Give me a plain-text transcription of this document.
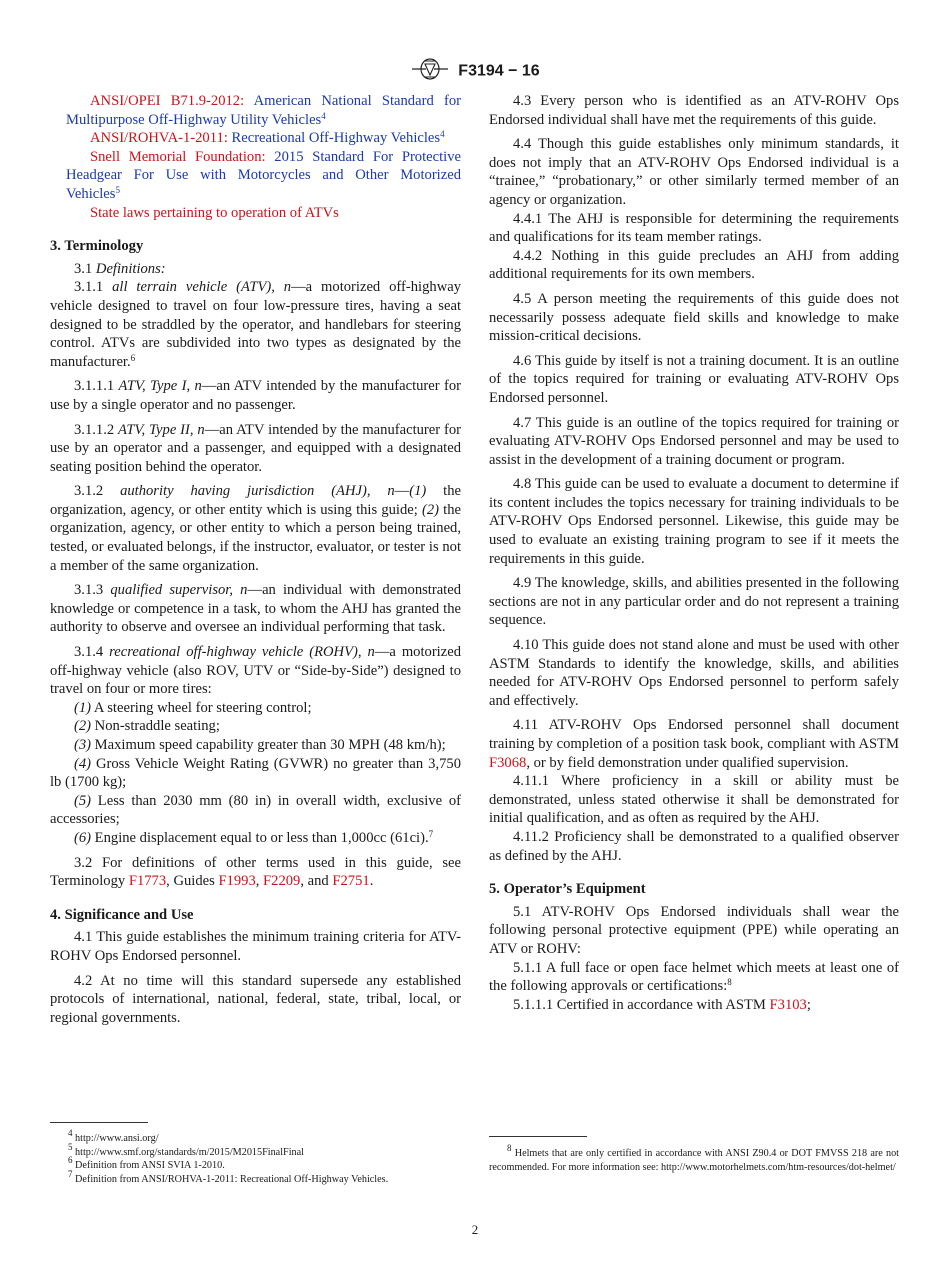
F3194 − 16

ANSI/OPEI B71.9-2012: American National Standard for Multipurpose Off-Highway Utility Vehicles$^4$

ANSI/ROHVA-1-2011: Recreational Off-Highway Vehicles$^4$

Snell Memorial Foundation: 2015 Standard For Protective Headgear For Use with Motorcycles and Other Motorized Vehicles$^5$

State laws pertaining to operation of ATVs

3. Terminology

3.1 Definitions:

3.1.1 all terrain vehicle (ATV), n—a motorized off-highway vehicle designed to travel on four low-pressure tires, having a seat designed to be straddled by the operator, and handlebars for steering control. ATVs are subdivided into two types as designated by the manufacturer.$^6$

3.1.1.1 ATV, Type I, n—an ATV intended by the manufacturer for use by a single operator and no passenger.

3.1.1.2 ATV, Type II, n—an ATV intended by the manufacturer for use by an operator and a passenger, and equipped with a designated seating position behind the operator.

3.1.2 authority having jurisdiction (AHJ), n—(1) the organization, agency, or other entity which is using this guide; (2) the organization, agency, or other entity to which a person being trained, tested, or evaluated belongs, if the instructor, evaluator, or tester is not a member of the same organization.

3.1.3 qualified supervisor, n—an individual with demonstrated knowledge or competence in a task, to whom the AHJ has granted the authority to observe and oversee an individual performing that task.

3.1.4 recreational off-highway vehicle (ROHV), n—a motorized off-highway vehicle (also ROV, UTV or “Side-by-Side”) designed to travel on four or more tires:

(1) A steering wheel for steering control;

(2) Non-straddle seating;

(3) Maximum speed capability greater than 30 MPH (48 km/h);

(4) Gross Vehicle Weight Rating (GVWR) no greater than 3,750 lb (1700 kg);

(5) Less than 2030 mm (80 in) in overall width, exclusive of accessories;

(6) Engine displacement equal to or less than 1,000cc (61ci).$^7$

3.2 For definitions of other terms used in this guide, see Terminology F1773, Guides F1993, F2209, and F2751.

4. Significance and Use

4.1 This guide establishes the minimum training criteria for ATV-ROHV Ops Endorsed personnel.

4.2 At no time will this standard supersede any established protocols of international, national, federal, state, tribal, local, or regional governments.

4.3 Every person who is identified as an ATV-ROHV Ops Endorsed individual shall have met the requirements of this guide.

4.4 Though this guide establishes only minimum standards, it does not imply that an ATV-ROHV Ops Endorsed individual is a “trainee,” “probationary,” or other similarly termed member of an agency or organization.

4.4.1 The AHJ is responsible for determining the requirements and qualifications for its team member ratings.

4.4.2 Nothing in this guide precludes an AHJ from adding additional requirements for its own members.

4.5 A person meeting the requirements of this guide does not necessarily possess adequate field skills and knowledge to make mission-critical decisions.

4.6 This guide by itself is not a training document. It is an outline of the topics required for training or evaluating ATV-ROHV Ops Endorsed personnel.

4.7 This guide is an outline of the topics required for training or evaluating ATV-ROHV Ops Endorsed personnel and may be used to assist in the development of a training document or program.

4.8 This guide can be used to evaluate a document to determine if its content includes the topics necessary for training individuals to be ATV-ROHV Ops Endorsed personnel. Likewise, this guide may be used to evaluate an existing training program to see if it meets the requirements in this guide.

4.9 The knowledge, skills, and abilities presented in the following sections are not in any particular order and do not represent a training sequence.

4.10 This guide does not stand alone and must be used with other ASTM Standards to identify the knowledge, skills, and abilities needed for ATV-ROHV Ops Endorsed personnel to perform safely and effectively.

4.11 ATV-ROHV Ops Endorsed personnel shall document training by completion of a position task book, compliant with ASTM F3068, or by field demonstration under qualified supervision.

4.11.1 Where proficiency in a skill or ability must be demonstrated, unless stated otherwise it shall be demonstrated for initial qualification, and as often as required by the AHJ.

4.11.2 Proficiency shall be demonstrated to a qualified observer as defined by the AHJ.

5. Operator’s Equipment

5.1 ATV-ROHV Ops Endorsed individuals shall wear the following personal protective equipment (PPE) while operating an ATV or ROHV:

5.1.1 A full face or open face helmet which meets at least one of the following approvals or certifications:$^8$

5.1.1.1 Certified in accordance with ASTM F3103;

$^4$ http://www.ansi.org/

$^5$ http://www.smf.org/standards/m/2015/M2015FinalFinal

$^6$ Definition from ANSI SVIA 1-2010.

$^7$ Definition from ANSI/ROHVA-1-2011: Recreational Off-Highway Vehicles.

$^8$ Helmets that are only certified in accordance with ANSI Z90.4 or DOT FMVSS 218 are not recommended. For more information see: http://www.motorhelmets.com/htm-resources/dot-helmet/

2
